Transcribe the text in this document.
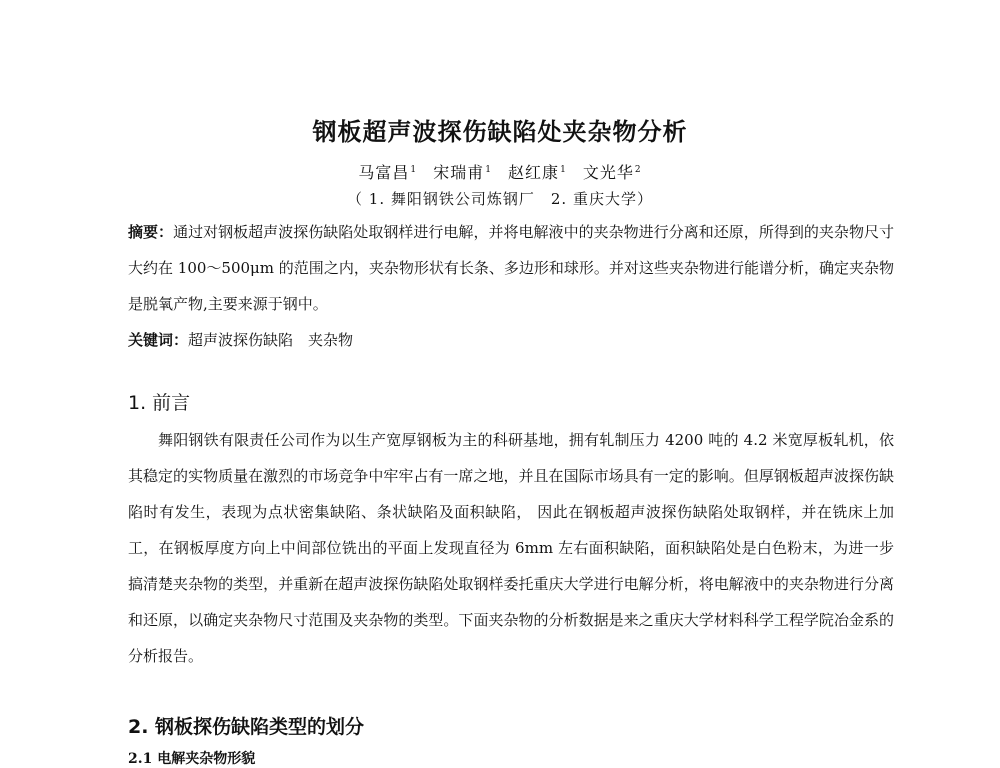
钢板超声波探伤缺陷处夹杂物分析
马富昌$^1$ 宋瑞甫$^1$ 赵红康$^1$ 文光华$^2$
（ 1. 舞阳钢铁公司炼钢厂　2. 重庆大学）
摘要：通过对钢板超声波探伤缺陷处取钢样进行电解，并将电解液中的夹杂物进行分离和还原，所得到的夹杂物尺寸大约在 100～500μm 的范围之内，夹杂物形状有长条、多边形和球形。并对这些夹杂物进行能谱分析，确定夹杂物是脱氧产物,主要来源于钢中。
关键词：超声波探伤缺陷　夹杂物
1. 前言
舞阳钢铁有限责任公司作为以生产宽厚钢板为主的科研基地，拥有轧制压力 4200 吨的 4.2 米宽厚板轧机，依其稳定的实物质量在激烈的市场竞争中牢牢占有一席之地，并且在国际市场具有一定的影响。但厚钢板超声波探伤缺陷时有发生，表现为点状密集缺陷、条状缺陷及面积缺陷， 因此在钢板超声波探伤缺陷处取钢样，并在铣床上加工，在钢板厚度方向上中间部位铣出的平面上发现直径为 6mm 左右面积缺陷，面积缺陷处是白色粉末，为进一步搞清楚夹杂物的类型，并重新在超声波探伤缺陷处取钢样委托重庆大学进行电解分析，将电解液中的夹杂物进行分离和还原，以确定夹杂物尺寸范围及夹杂物的类型。下面夹杂物的分析数据是来之重庆大学材料科学工程学院冶金系的分析报告。
2. 钢板探伤缺陷类型的划分
2.1 电解夹杂物形貌
